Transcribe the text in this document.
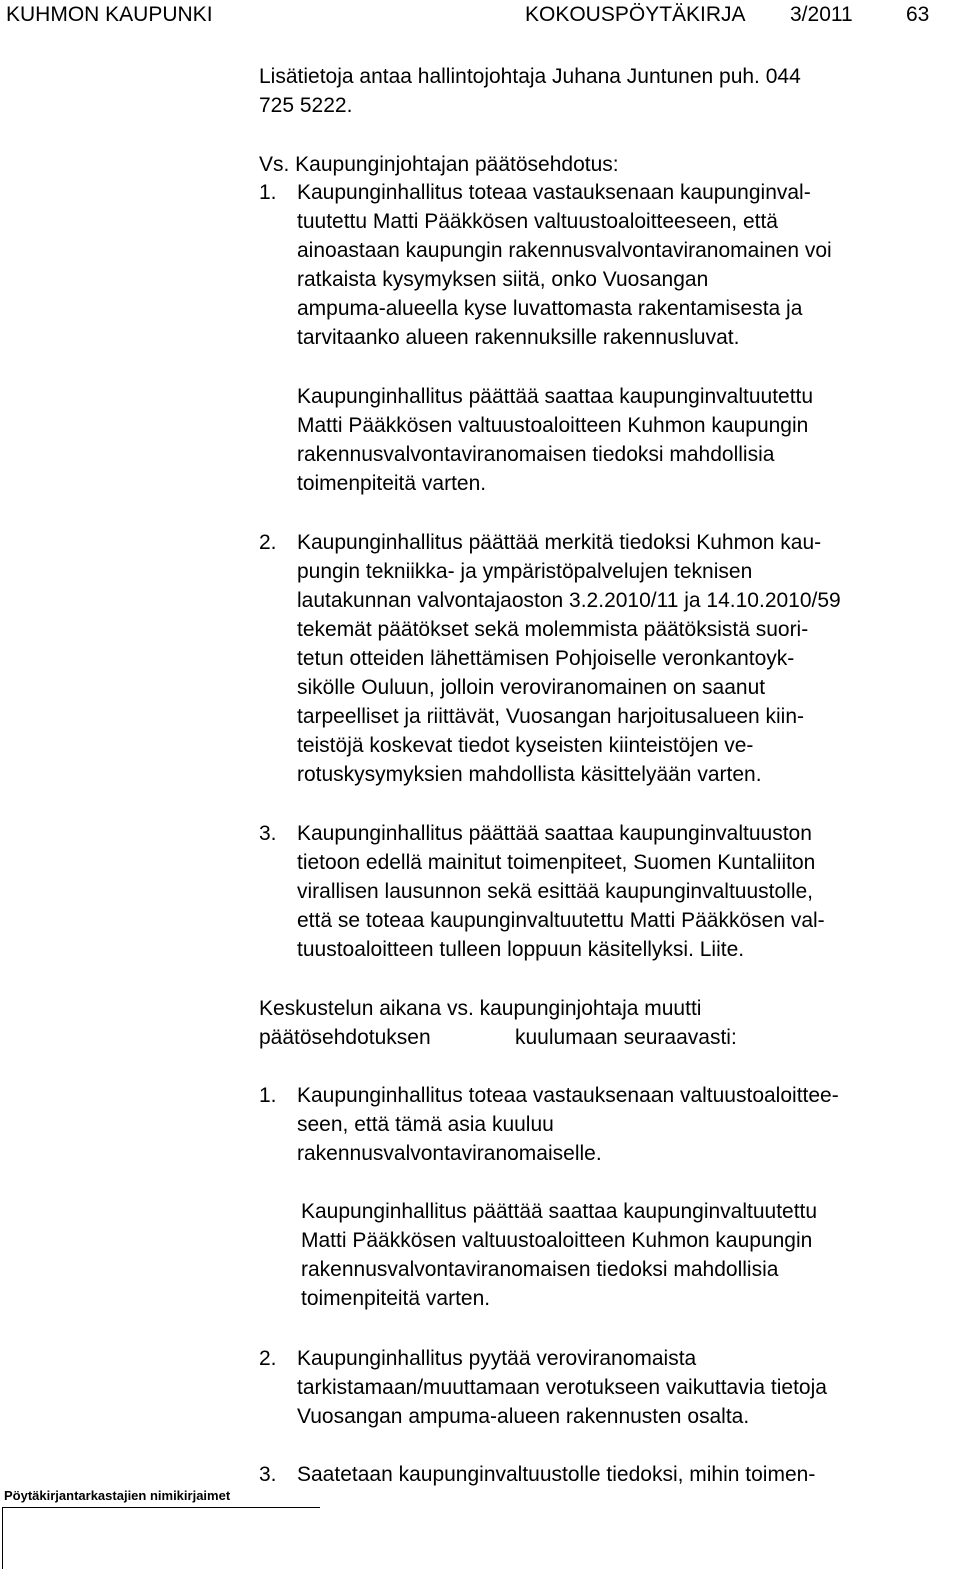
KUHMON KAUPUNKI	KOKOUSPÖYTÄKIRJA 3/2011	63
Lisätietoja antaa hallintojohtaja Juhana Juntunen puh. 044
725 5222.
Vs. Kaupunginjohtajan päätösehdotus:
1. Kaupunginhallitus toteaa vastauksenaan kaupunginval-
tuutettu Matti Pääkkösen valtuustoaloitteeseen, että
ainoastaan kaupungin rakennusvalvontaviranomainen voi
ratkaista kysymyksen siitä, onko Vuosangan
ampuma-alueella kyse luvattomasta rakentamisesta ja
tarvitaanko alueen rakennuksille rakennusluvat.
Kaupunginhallitus päättää saattaa kaupunginvaltuutettu
Matti Pääkkösen valtuustoaloitteen Kuhmon kaupungin
rakennusvalvontaviranomaisen tiedoksi mahdollisia
toimenpiteitä varten.
2. Kaupunginhallitus päättää merkitä tiedoksi Kuhmon kau-
pungin tekniikka- ja ympäristöpalvelujen teknisen
lautakunnan valvontajaoston 3.2.2010/11 ja 14.10.2010/59
tekemät päätökset sekä molemmista päätöksistä suori-
tetun otteiden lähettämisen Pohjoiselle veronkantoyk-
sikölle Ouluun, jolloin veroviranomainen on saanut
tarpeelliset ja riittävät, Vuosangan harjoitusalueen kiin-
teistöjä koskevat tiedot kyseisten kiinteistöjen ve-
rotuskysymyksien mahdollista käsittelyään varten.
3. Kaupunginhallitus päättää saattaa kaupunginvaltuuston
tietoon edellä mainitut toimenpiteet, Suomen Kuntaliiton
virallisen lausunnon sekä esittää kaupunginvaltuustolle,
että se toteaa kaupunginvaltuutettu Matti Pääkkösen val-
tuustoaloitteen tulleen loppuun käsitellyksi. Liite.
Keskustelun aikana vs. kaupunginjohtaja muutti
päätösehdotuksen	kuulumaan seuraavasti:
1. Kaupunginhallitus toteaa vastauksenaan valtuustoaloittee-
seen, että tämä asia kuuluu
rakennusvalvontaviranomaiselle.
Kaupunginhallitus päättää saattaa kaupunginvaltuutettu
Matti Pääkkösen valtuustoaloitteen Kuhmon kaupungin
rakennusvalvontaviranomaisen tiedoksi mahdollisia
toimenpiteitä varten.
2. Kaupunginhallitus pyytää veroviranomaista
tarkistamaan/muuttamaan verotukseen vaikuttavia tietoja
Vuosangan ampuma-alueen rakennusten osalta.
3. Saatetaan kaupunginvaltuustolle tiedoksi, mihin toimen-
Pöytäkirjantarkastajien nimikirjaimet
